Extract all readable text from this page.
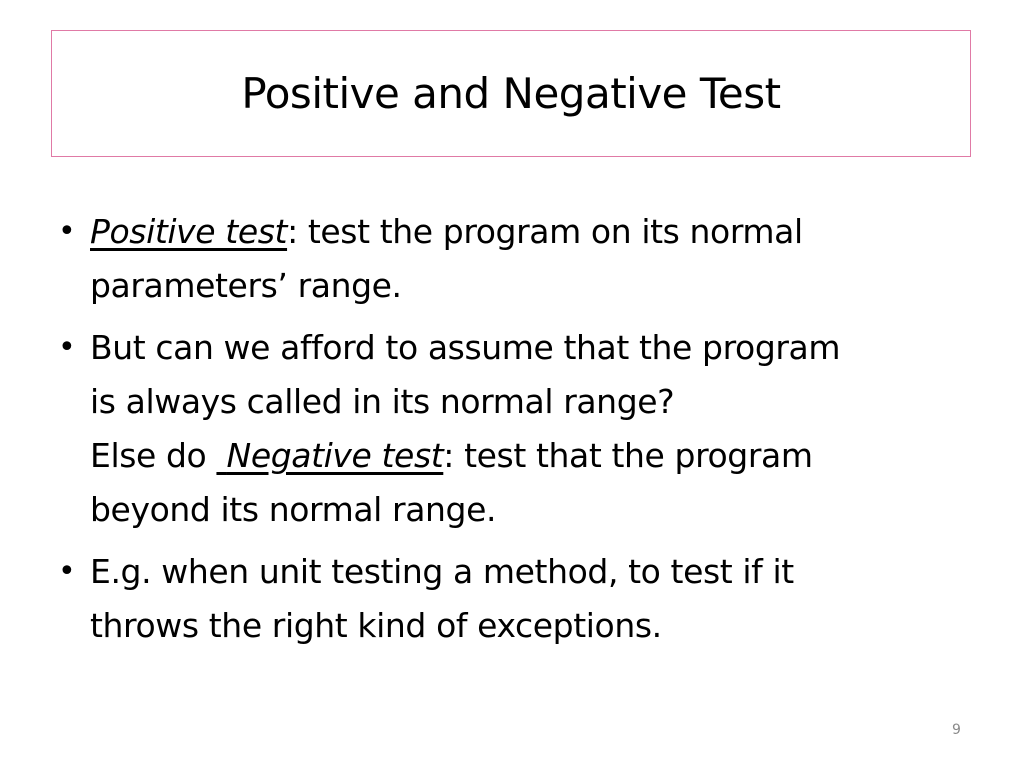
Positive and Negative Test
• Positive test: test the program on its normal
parameters’ range.
• But can we afford to assume that the program
is always called in its normal range?
Else do  Negative test: test that the program
beyond its normal range.
• E.g. when unit testing a method, to test if it
throws the right kind of exceptions.
9
